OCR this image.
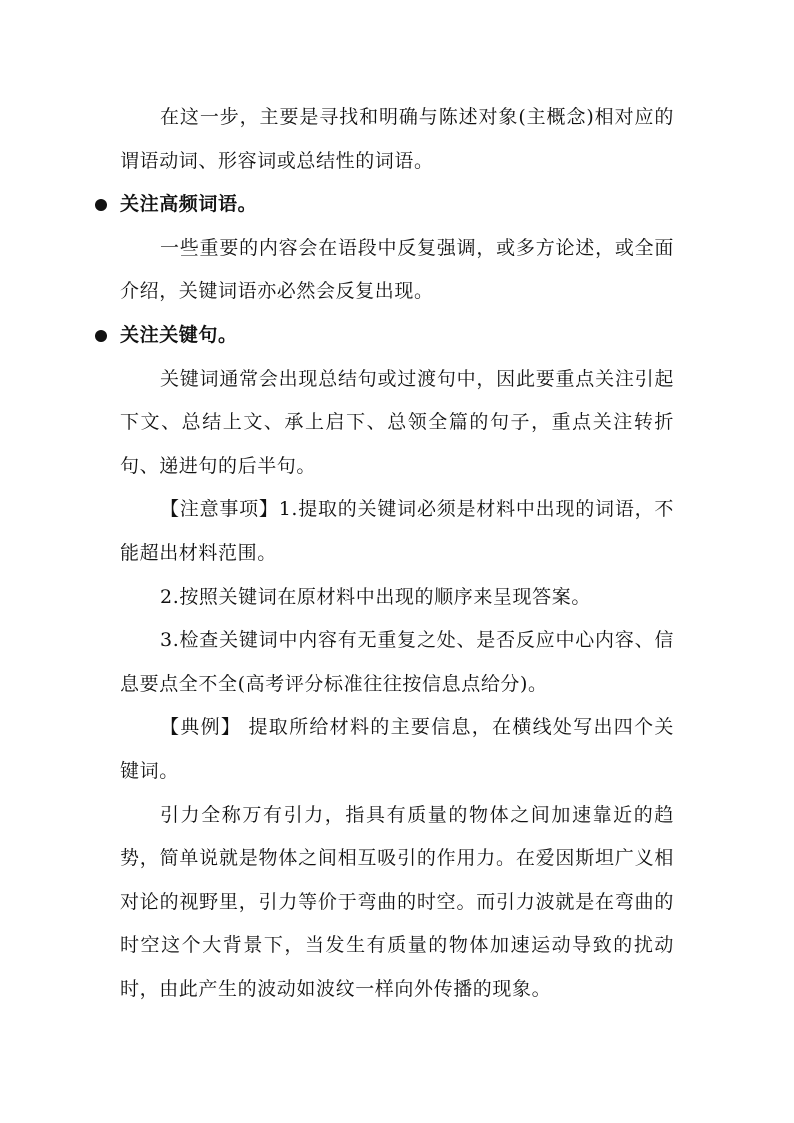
在这一步，主要是寻找和明确与陈述对象(主概念)相对应的谓语动词、形容词或总结性的词语。

关注高频词语。

一些重要的内容会在语段中反复强调，或多方论述，或全面介绍，关键词语亦必然会反复出现。

关注关键句。

关键词通常会出现总结句或过渡句中，因此要重点关注引起下文、总结上文、承上启下、总领全篇的句子，重点关注转折句、递进句的后半句。

【注意事项】1.提取的关键词必须是材料中出现的词语，不能超出材料范围。

2.按照关键词在原材料中出现的顺序来呈现答案。

3.检查关键词中内容有无重复之处、是否反应中心内容、信息要点全不全(高考评分标准往往按信息点给分)。

【典例】 提取所给材料的主要信息，在横线处写出四个关键词。

引力全称万有引力，指具有质量的物体之间加速靠近的趋势，简单说就是物体之间相互吸引的作用力。在爱因斯坦广义相对论的视野里，引力等价于弯曲的时空。而引力波就是在弯曲的时空这个大背景下，当发生有质量的物体加速运动导致的扰动时，由此产生的波动如波纹一样向外传播的现象。
